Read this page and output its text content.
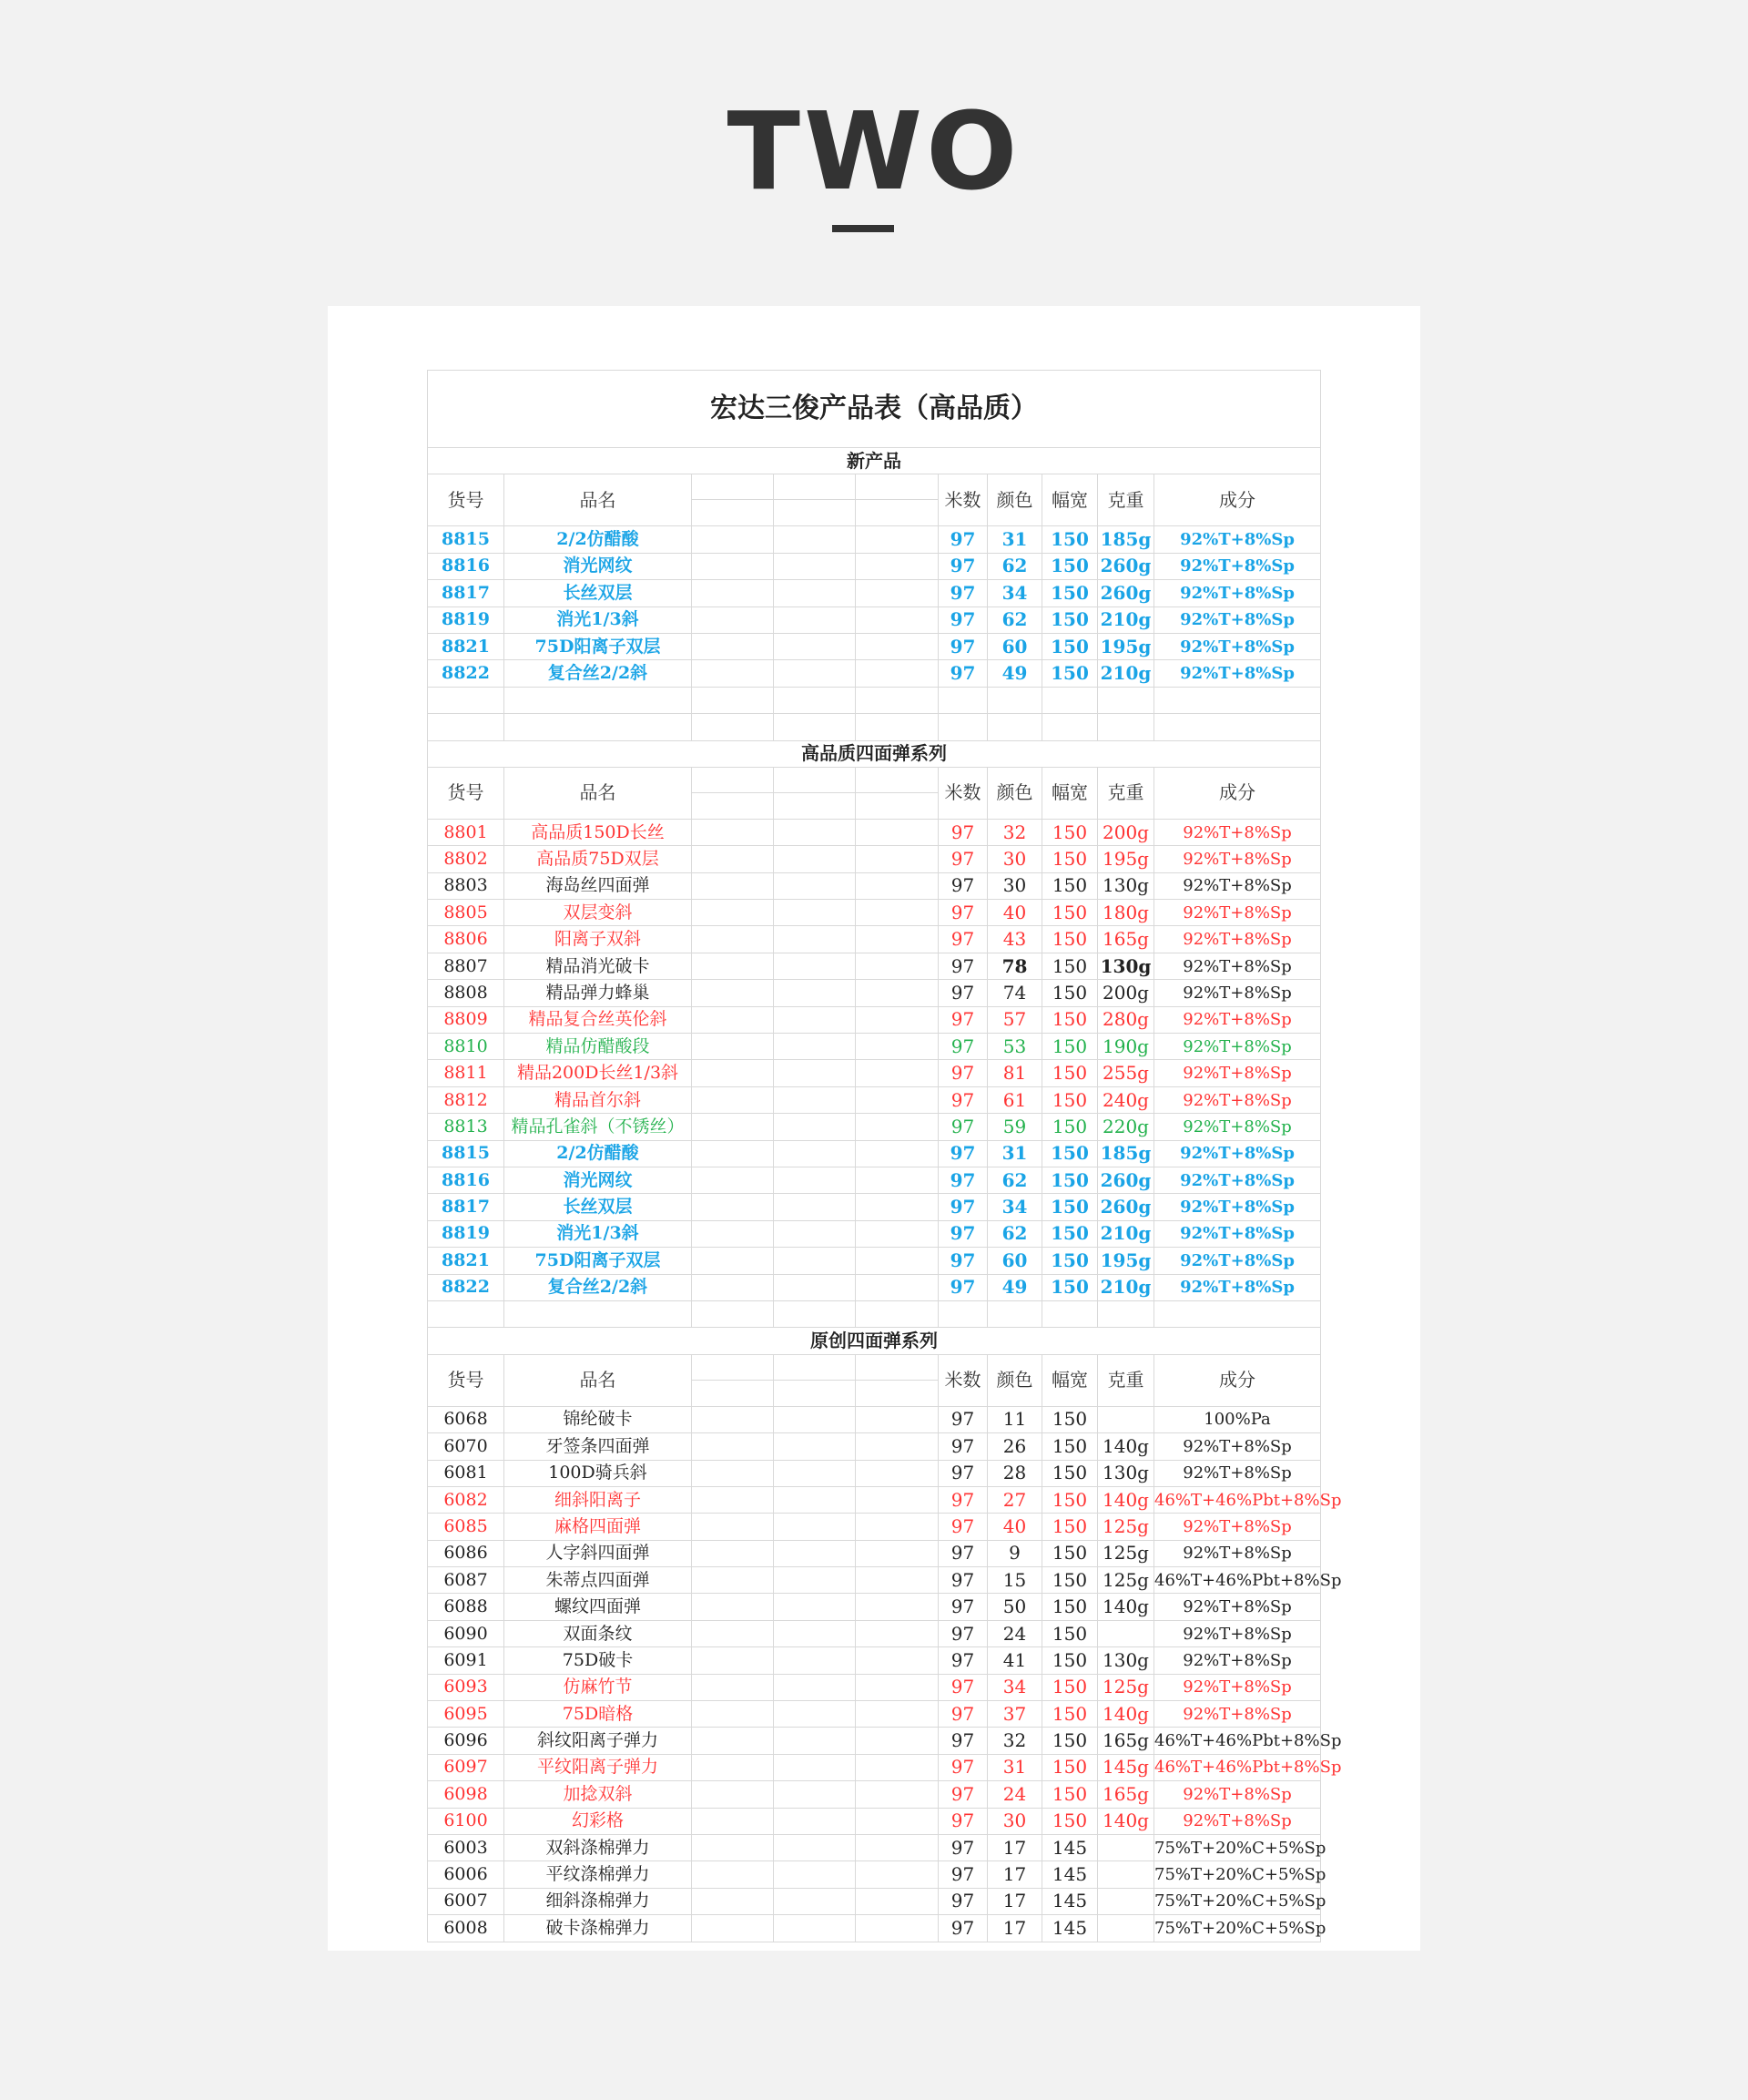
TWO
宏达三俊产品表（高品质）									
新产品									
货号	品名				米数	颜色	幅宽	克重	成分
8815	2/2仿醋酸				97	31	150	185g	92%T+8%Sp
8816	消光网纹				97	62	150	260g	92%T+8%Sp
8817	长丝双层				97	34	150	260g	92%T+8%Sp
8819	消光1/3斜				97	62	150	210g	92%T+8%Sp
8821	75D阳离子双层				97	60	150	195g	92%T+8%Sp
8822	复合丝2/2斜				97	49	150	210g	92%T+8%Sp

高品质四面弹系列									
货号	品名				米数	颜色	幅宽	克重	成分
8801	高品质150D长丝				97	32	150	200g	92%T+8%Sp
8802	高品质75D双层				97	30	150	195g	92%T+8%Sp
8803	海岛丝四面弹				97	30	150	130g	92%T+8%Sp
8805	双层变斜				97	40	150	180g	92%T+8%Sp
8806	阳离子双斜				97	43	150	165g	92%T+8%Sp
8807	精品消光破卡				97	78	150	130g	92%T+8%Sp
8808	精品弹力蜂巢				97	74	150	200g	92%T+8%Sp
8809	精品复合丝英伦斜				97	57	150	280g	92%T+8%Sp
8810	精品仿醋酸段				97	53	150	190g	92%T+8%Sp
8811	精品200D长丝1/3斜				97	81	150	255g	92%T+8%Sp
8812	精品首尔斜				97	61	150	240g	92%T+8%Sp
8813	精品孔雀斜（不锈丝）				97	59	150	220g	92%T+8%Sp
8815	2/2仿醋酸				97	31	150	185g	92%T+8%Sp
8816	消光网纹				97	62	150	260g	92%T+8%Sp
8817	长丝双层				97	34	150	260g	92%T+8%Sp
8819	消光1/3斜				97	62	150	210g	92%T+8%Sp
8821	75D阳离子双层				97	60	150	195g	92%T+8%Sp
8822	复合丝2/2斜				97	49	150	210g	92%T+8%Sp

原创四面弹系列									
货号	品名				米数	颜色	幅宽	克重	成分
6068	锦纶破卡				97	11	150		100%Pa
6070	牙签条四面弹				97	26	150	140g	92%T+8%Sp
6081	100D骑兵斜				97	28	150	130g	92%T+8%Sp
6082	细斜阳离子				97	27	150	140g	46%T+46%Pbt+8%Sp
6085	麻格四面弹				97	40	150	125g	92%T+8%Sp
6086	人字斜四面弹				97	9	150	125g	92%T+8%Sp
6087	朱蒂点四面弹				97	15	150	125g	46%T+46%Pbt+8%Sp
6088	螺纹四面弹				97	50	150	140g	92%T+8%Sp
6090	双面条纹				97	24	150		92%T+8%Sp
6091	75D破卡				97	41	150	130g	92%T+8%Sp
6093	仿麻竹节				97	34	150	125g	92%T+8%Sp
6095	75D暗格				97	37	150	140g	92%T+8%Sp
6096	斜纹阳离子弹力				97	32	150	165g	46%T+46%Pbt+8%Sp
6097	平纹阳离子弹力				97	31	150	145g	46%T+46%Pbt+8%Sp
6098	加捻双斜				97	24	150	165g	92%T+8%Sp
6100	幻彩格				97	30	150	140g	92%T+8%Sp
6003	双斜涤棉弹力				97	17	145		75%T+20%C+5%Sp
6006	平纹涤棉弹力				97	17	145		75%T+20%C+5%Sp
6007	细斜涤棉弹力				97	17	145		75%T+20%C+5%Sp
6008	破卡涤棉弹力				97	17	145		75%T+20%C+5%Sp
